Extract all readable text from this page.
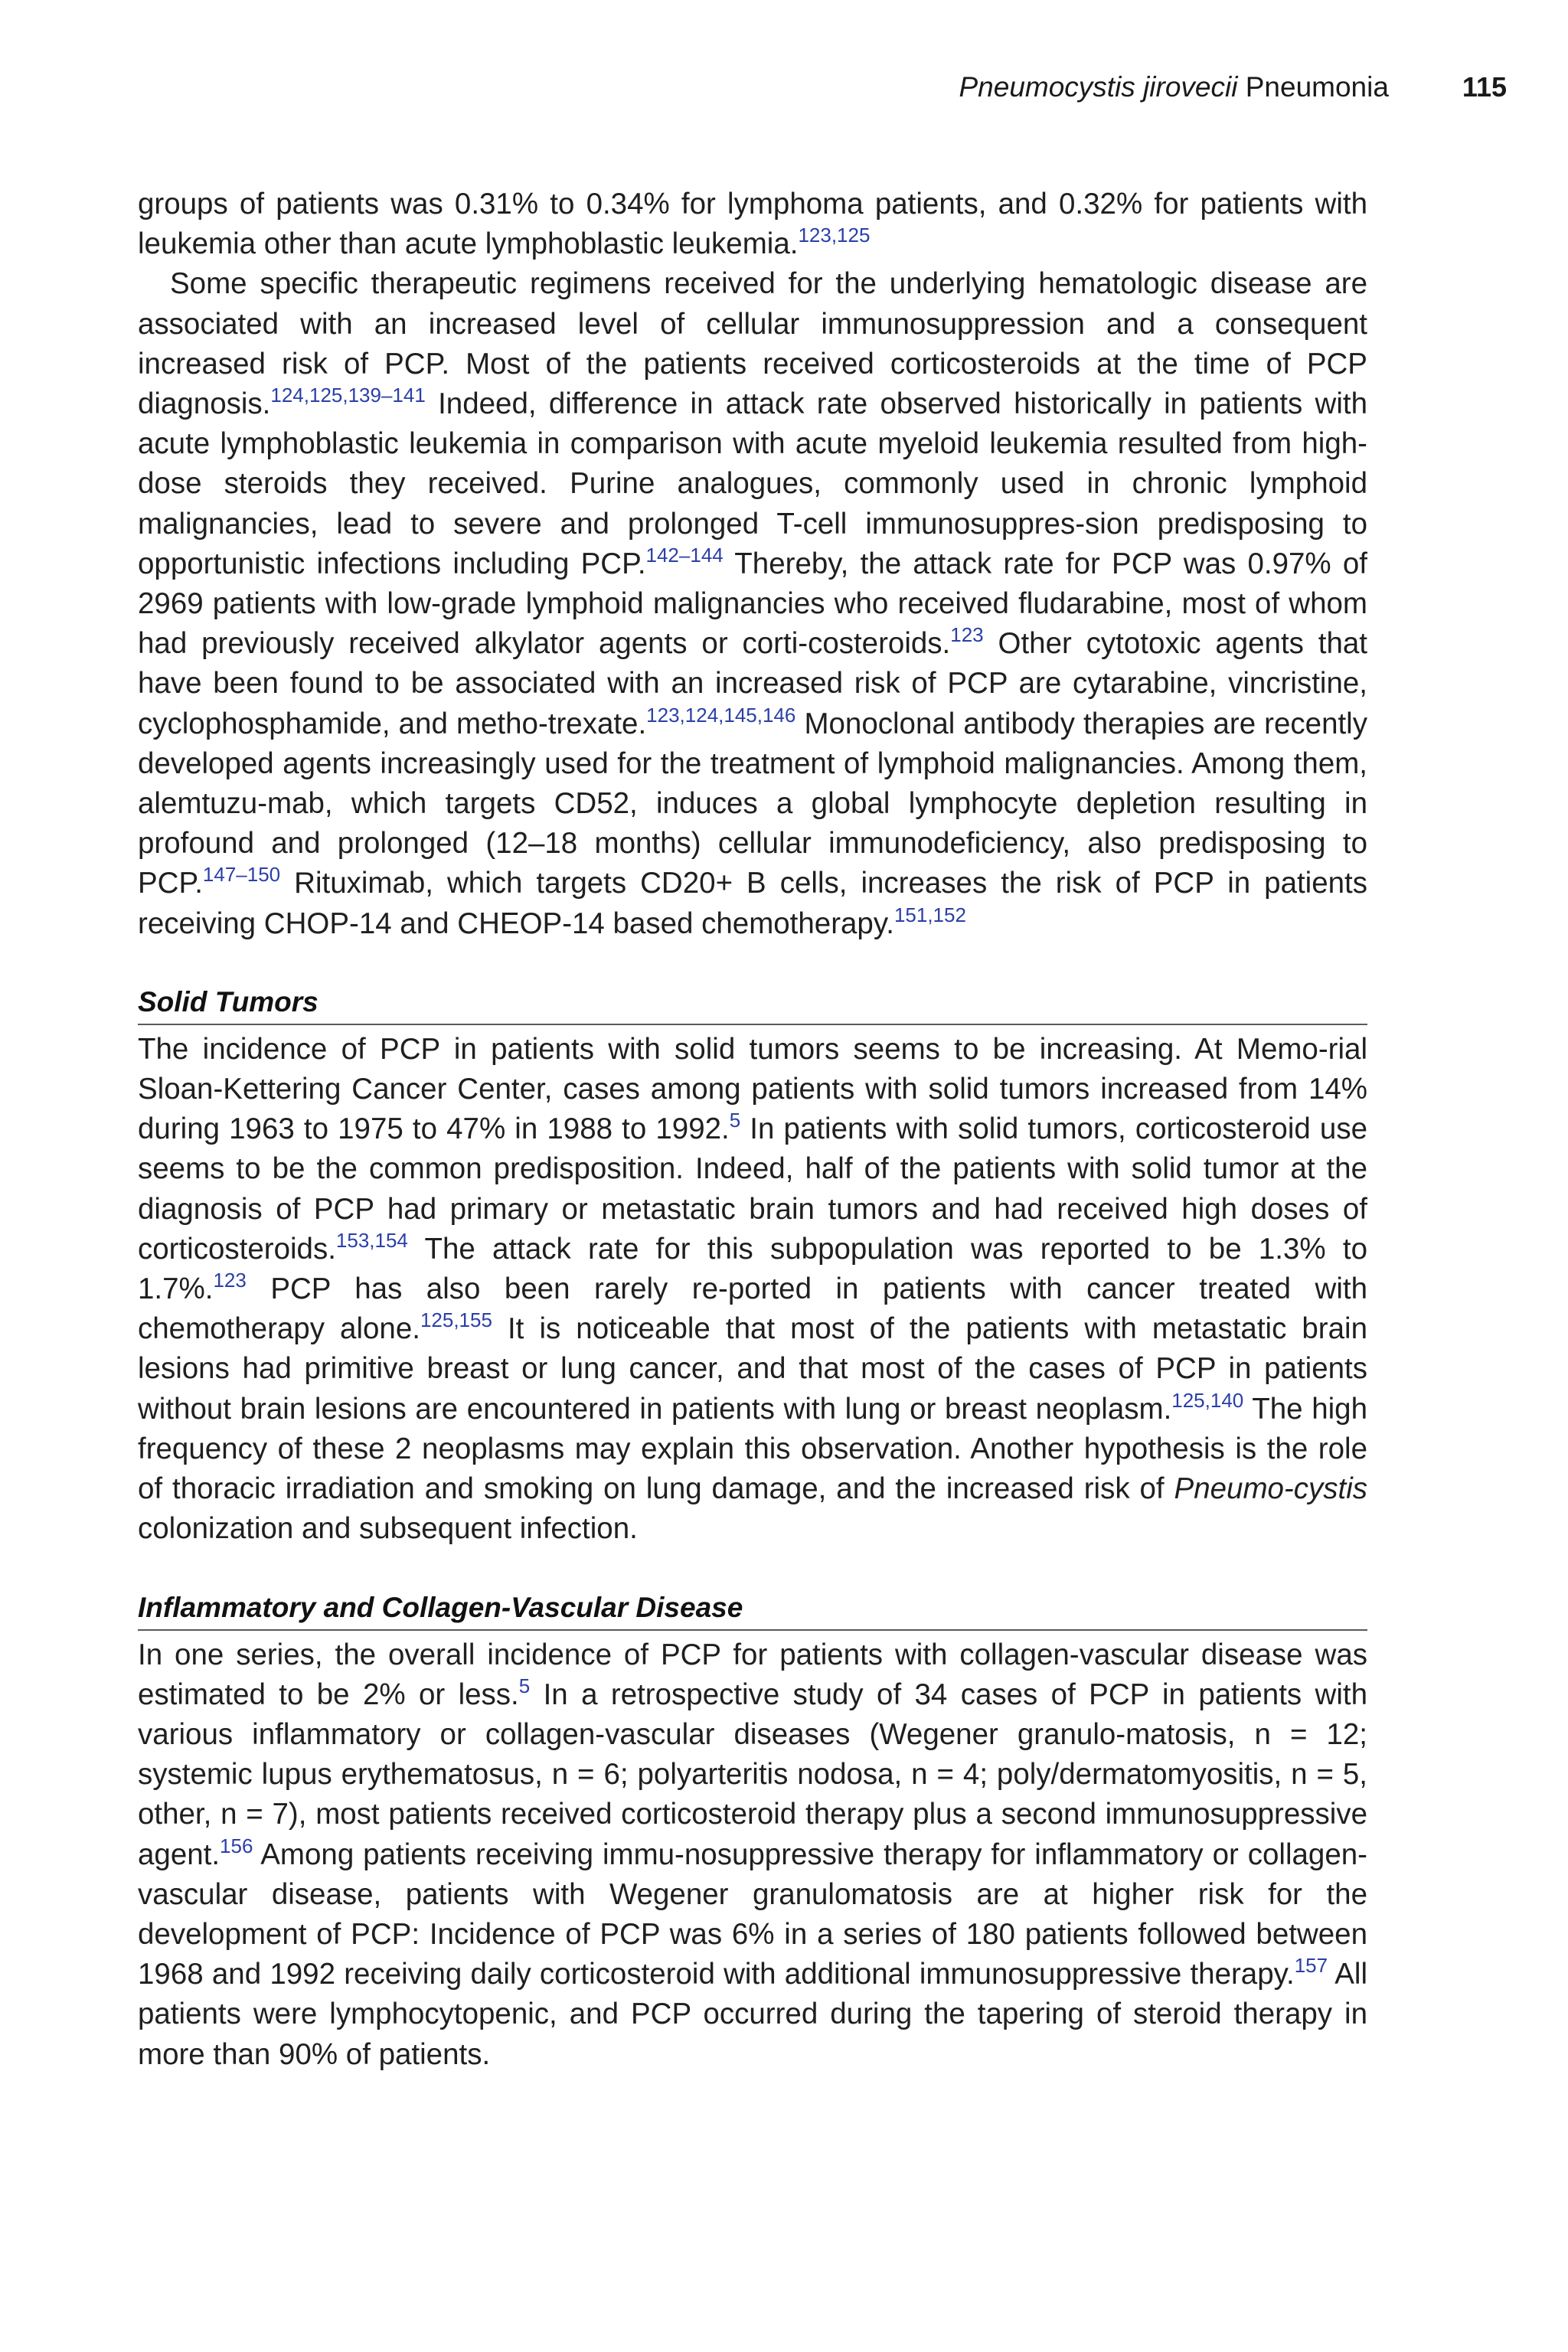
Pneumocystis jirovecii Pneumonia	115

groups of patients was 0.31% to 0.34% for lymphoma patients, and 0.32% for patients with leukemia other than acute lymphoblastic leukemia.$^{123,125}$

Some specific therapeutic regimens received for the underlying hematologic disease are associated with an increased level of cellular immunosuppression and a consequent increased risk of PCP. Most of the patients received corticosteroids at the time of PCP diagnosis.$^{124,125,139-141}$ Indeed, difference in attack rate observed historically in patients with acute lymphoblastic leukemia in comparison with acute myeloid leukemia resulted from high-dose steroids they received. Purine analogues, commonly used in chronic lymphoid malignancies, lead to severe and prolonged T-cell immunosuppres-sion predisposing to opportunistic infections including PCP.$^{142-144}$ Thereby, the attack rate for PCP was 0.97% of 2969 patients with low-grade lymphoid malignancies who received fludarabine, most of whom had previously received alkylator agents or corti-costeroids.$^{123}$ Other cytotoxic agents that have been found to be associated with an increased risk of PCP are cytarabine, vincristine, cyclophosphamide, and metho-trexate.$^{123,124,145,146}$ Monoclonal antibody therapies are recently developed agents increasingly used for the treatment of lymphoid malignancies. Among them, alemtuzu-mab, which targets CD52, induces a global lymphocyte depletion resulting in profound and prolonged (12–18 months) cellular immunodeficiency, also predisposing to PCP.$^{147-150}$ Rituximab, which targets CD20+ B cells, increases the risk of PCP in patients receiving CHOP-14 and CHEOP-14 based chemotherapy.$^{151,152}$

Solid Tumors

The incidence of PCP in patients with solid tumors seems to be increasing. At Memo-rial Sloan-Kettering Cancer Center, cases among patients with solid tumors increased from 14% during 1963 to 1975 to 47% in 1988 to 1992.$^5$ In patients with solid tumors, corticosteroid use seems to be the common predisposition. Indeed, half of the patients with solid tumor at the diagnosis of PCP had primary or metastatic brain tumors and had received high doses of corticosteroids.$^{153,154}$ The attack rate for this subpopulation was reported to be 1.3% to 1.7%.$^{123}$ PCP has also been rarely re-ported in patients with cancer treated with chemotherapy alone.$^{125,155}$ It is noticeable that most of the patients with metastatic brain lesions had primitive breast or lung cancer, and that most of the cases of PCP in patients without brain lesions are encountered in patients with lung or breast neoplasm.$^{125,140}$ The high frequency of these 2 neoplasms may explain this observation. Another hypothesis is the role of thoracic irradiation and smoking on lung damage, and the increased risk of Pneumo-cystis colonization and subsequent infection.

Inflammatory and Collagen-Vascular Disease

In one series, the overall incidence of PCP for patients with collagen-vascular disease was estimated to be 2% or less.$^5$ In a retrospective study of 34 cases of PCP in patients with various inflammatory or collagen-vascular diseases (Wegener granulo-matosis, n = 12; systemic lupus erythematosus, n = 6; polyarteritis nodosa, n = 4; poly/dermatomyositis, n = 5, other, n = 7), most patients received corticosteroid therapy plus a second immunosuppressive agent.$^{156}$ Among patients receiving immu-nosuppressive therapy for inflammatory or collagen-vascular disease, patients with Wegener granulomatosis are at higher risk for the development of PCP: Incidence of PCP was 6% in a series of 180 patients followed between 1968 and 1992 receiving daily corticosteroid with additional immunosuppressive therapy.$^{157}$ All patients were lymphocytopenic, and PCP occurred during the tapering of steroid therapy in more than 90% of patients.
